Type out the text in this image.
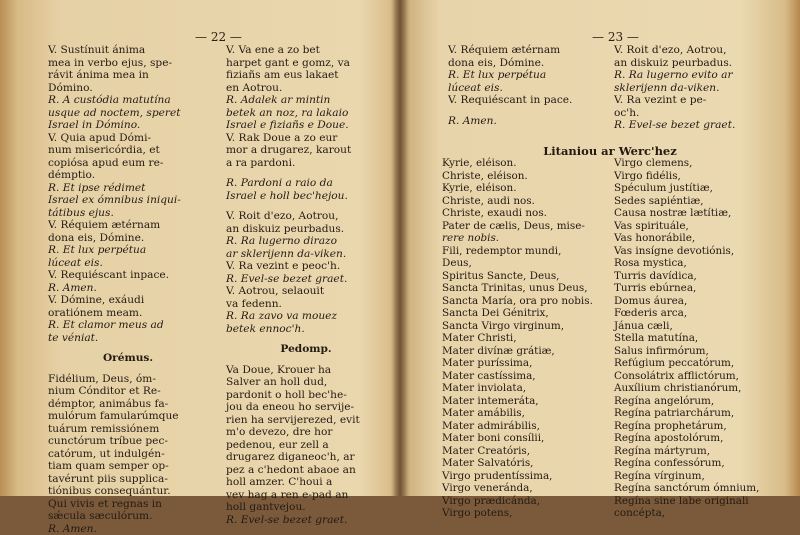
— 22 —
V. Sustínuit ánima
mea in verbo ejus, spe-
rávit ánima mea in
Dómino.
R. A custódia matutína
usque ad noctem, speret
Israel in Dómino.
V. Quia apud Dómi-
num misericórdia, et
copiósa apud eum re-
démptio.
R. Et ipse rédimet
Israel ex ómnibus iniqui-
tátibus ejus.
V. Réquiem ætérnam
dona eis, Dómine.
R. Et lux perpétua
lúceat eis.
V. Requiéscant inpace.
R. Amen.
V. Dómine, exáudi
oratiónem meam.
R. Et clamor meus ad
te véniat.
Orémus.
Fidélium, Deus, óm-
nium Cónditor et Re-
démptor, animábus fa-
mulórum famularúmque
tuárum remissiónem
cunctórum tríbue pec-
catórum, ut indulgén-
tiam quam semper op-
tavérunt piis supplica-
tiónibus consequántur.
Qui vivis et regnas in
sǽcula sæculórum.
R. Amen.
V. Va ene a zo bet
harpet gant e gomz, va
fiziañs am eus lakaet
en Aotrou.
R. Adalek ar mintin
betek an noz, ra lakaio
Israel e fiziañs e Doue.
V. Rak Doue a zo eur
mor a drugarez, karout
a ra pardoni.
R. Pardoni a raio da
Israel e holl bec'hejou.
V. Roit d'ezo, Aotrou,
an diskuiz peurbadus.
R. Ra lugerno dirazo
ar sklerijenn da-viken.
V. Ra vezint e peoc'h.
R. Evel-se bezet graet.
V. Aotrou, selaouit
va fedenn.
R. Ra zavo va mouez
betek ennoc'h.
Pedomp.
Va Doue, Krouer ha
Salver an holl dud,
pardonit o holl bec'he-
jou da eneou ho servije-
rien ha servijerezed, evit
m'o devezo, dre hor
pedenou, eur zell a
drugarez diganeoc'h, ar
pez a c'hedont abaoe an
holl amzer. C'houi a
vev hag a ren e-pad an
holl gantvejou.
R. Evel-se bezet graet.
— 23 —
V. Réquiem ætérnam
dona eis, Dómine.
R. Et lux perpétua
lúceat eis.
V. Requiéscant in pace.
R. Amen.
V. Roit d'ezo, Aotrou,
an diskuiz peurbadus.
R. Ra lugerno evito ar
sklerijenn da-viken.
V. Ra vezint e pe-
oc'h.
R. Evel-se bezet graet.
Litaniou ar Werc'hez
Kyrie, eléison.
Christe, eléison.
Kyrie, eléison.
Christe, audi nos.
Christe, exaudi nos.
Pater de cælis, Deus, mise-
rere nobis.
Fili, redemptor mundi,
Deus,
Spiritus Sancte, Deus,
Sancta Trinitas, unus Deus,
Sancta María, ora pro nobis.
Sancta Dei Génitrix,
Sancta Virgo virginum,
Mater Christi,
Mater divínæ grátiæ,
Mater puríssima,
Mater castíssima,
Mater inviolata,
Mater intemeráta,
Mater amábilis,
Mater admirábilis,
Mater boni consílii,
Mater Creatóris,
Mater Salvatóris,
Virgo prudentíssima,
Virgo veneránda,
Virgo prædicánda,
Virgo potens,
Virgo clemens,
Virgo fidélis,
Spéculum justítiæ,
Sedes sapiéntiæ,
Causa nostræ lætítiæ,
Vas spirituále,
Vas honorábile,
Vas insígne devotiónis,
Rosa mystica,
Turris davídica,
Turris ebúrnea,
Domus áurea,
Fœderis arca,
Jánua cæli,
Stella matutína,
Salus infirmórum,
Refúgium peccatórum,
Consolátrix afflictórum,
Auxílium christianórum,
Regína angelórum,
Regína patriarchárum,
Regína prophetárum,
Regína apostolórum,
Regína mártyrum,
Regína confessórum,
Regína vírginum,
Regína sanctórum ómnium,
Regína sine labe originali
concépta,
